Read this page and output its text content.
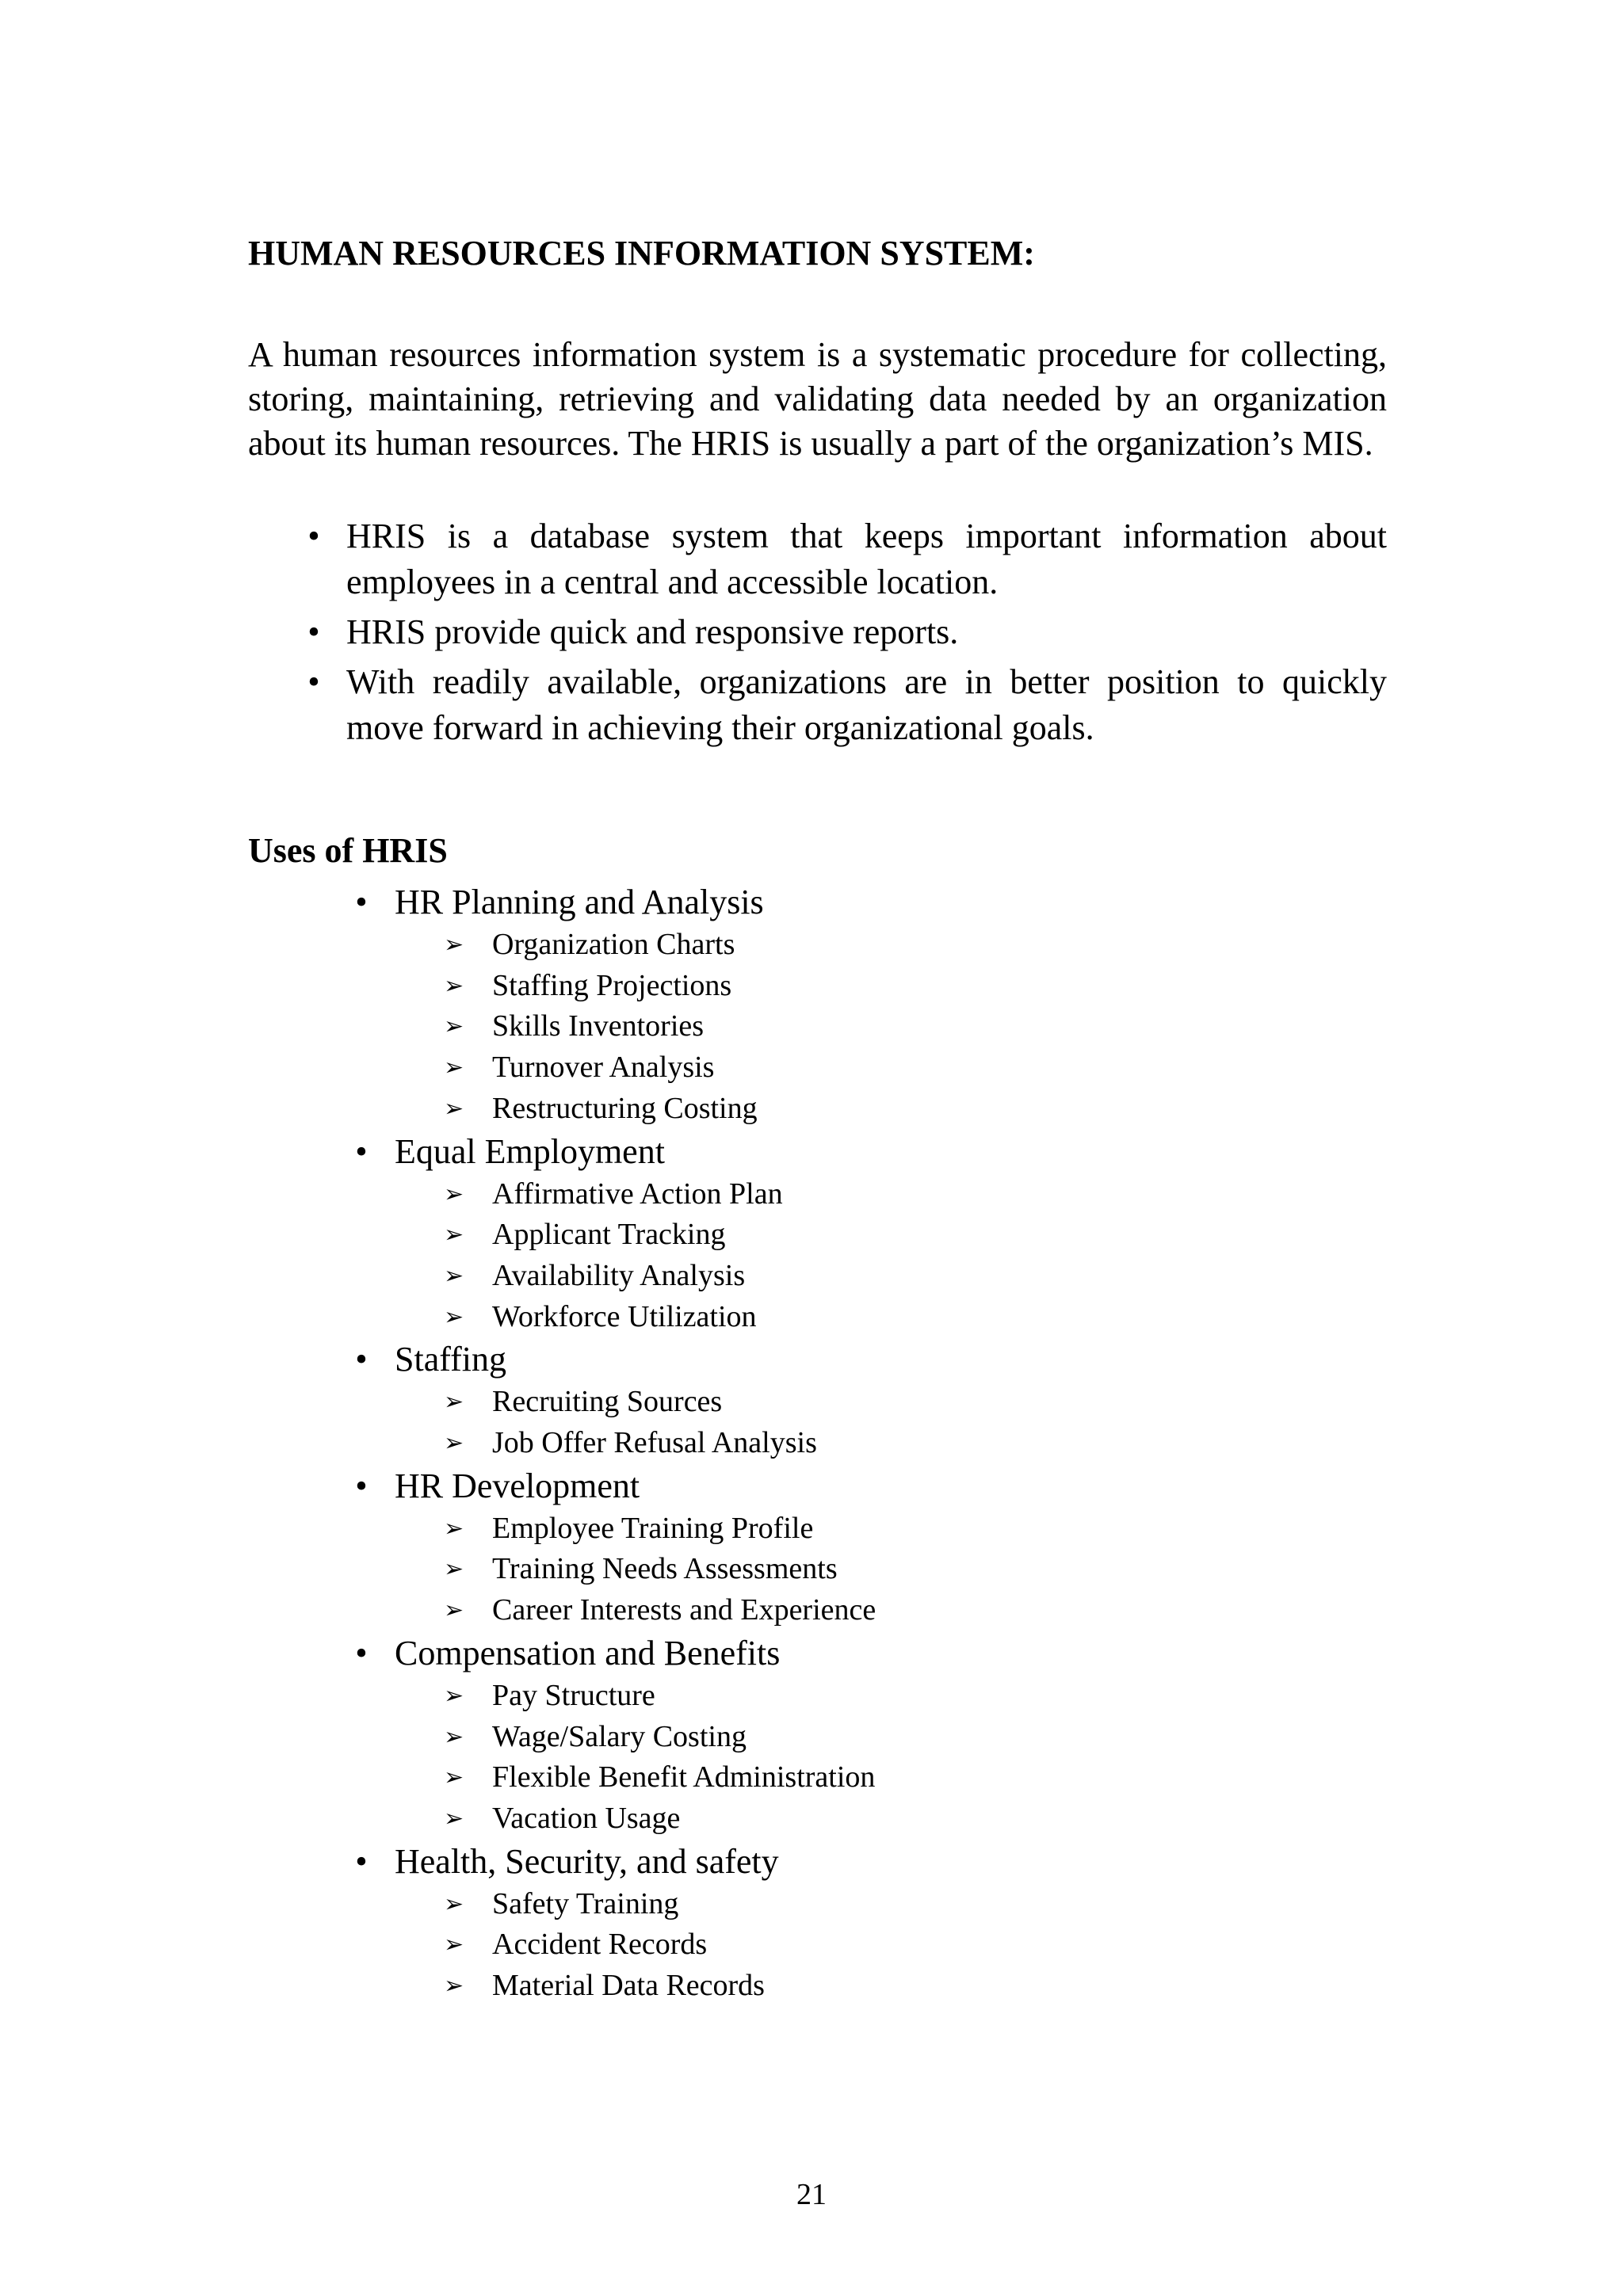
HUMAN RESOURCES INFORMATION SYSTEM:

A human resources information system is a systematic procedure for collecting, storing, maintaining, retrieving and validating data needed by an organization about its human resources. The HRIS is usually a part of the organization’s MIS.

• HRIS is a database system that keeps important information about employees in a central and accessible location.
• HRIS provide quick and responsive reports.
• With readily available, organizations are in better position to quickly move forward in achieving their organizational goals.
Uses of HRIS
• HR Planning and Analysis
➢ Organization Charts
➢ Staffing Projections
➢ Skills Inventories
➢ Turnover Analysis
➢ Restructuring Costing
• Equal Employment
➢ Affirmative Action Plan
➢ Applicant Tracking
➢ Availability Analysis
➢ Workforce Utilization
• Staffing
➢ Recruiting Sources
➢ Job Offer Refusal Analysis
• HR Development
➢ Employee Training Profile
➢ Training Needs Assessments
➢ Career Interests and Experience
• Compensation and Benefits
➢ Pay Structure
➢ Wage/Salary Costing
➢ Flexible Benefit Administration
➢ Vacation Usage
• Health, Security, and safety
➢ Safety Training
➢ Accident Records
➢ Material Data Records
21
